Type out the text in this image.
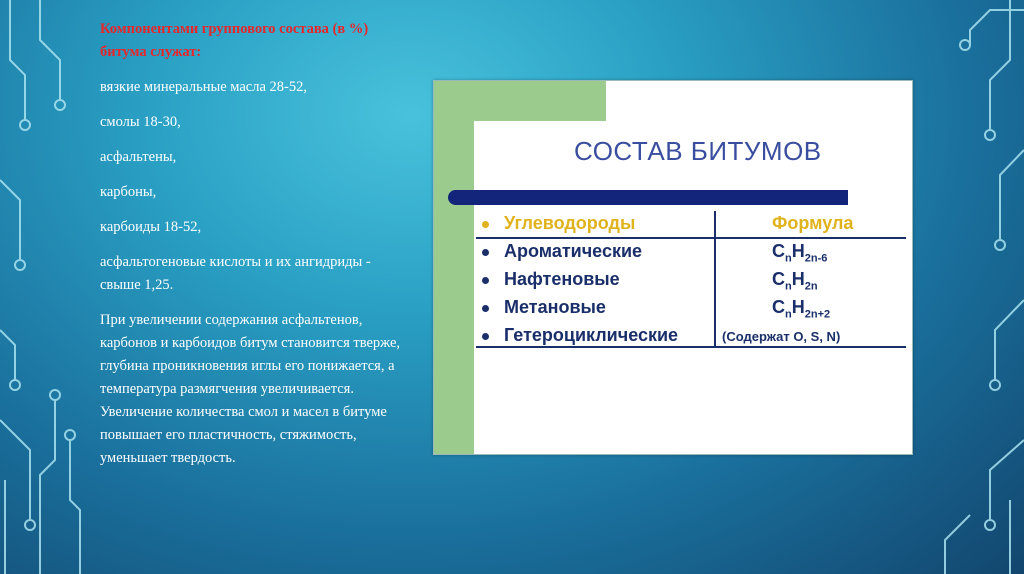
Компонентами группового состава (в %) битума служат:

вязкие минеральные масла 28-52,

смолы 18-30,

асфальтены,

карбоны,

карбоиды 18-52,

асфальтогеновые кислоты и их ангидриды - свыше 1,25.

При увеличении содержания асфальтенов, карбонов и карбоидов битум становится тверже, глубина проникновения иглы его понижается, а температура размягчения увеличивается. Увеличение количества смол и масел в битуме повышает его пластичность, стяжимость, уменьшает твердость.

СОСТАВ БИТУМОВ
Углеводороды	Формула
Ароматические	$C_nH_{2n-6}$
Нафтеновые	$C_nH_{2n}$
Метановые	$C_nH_{2n+2}$
Гетероциклические	(Содержат O, S, N)
